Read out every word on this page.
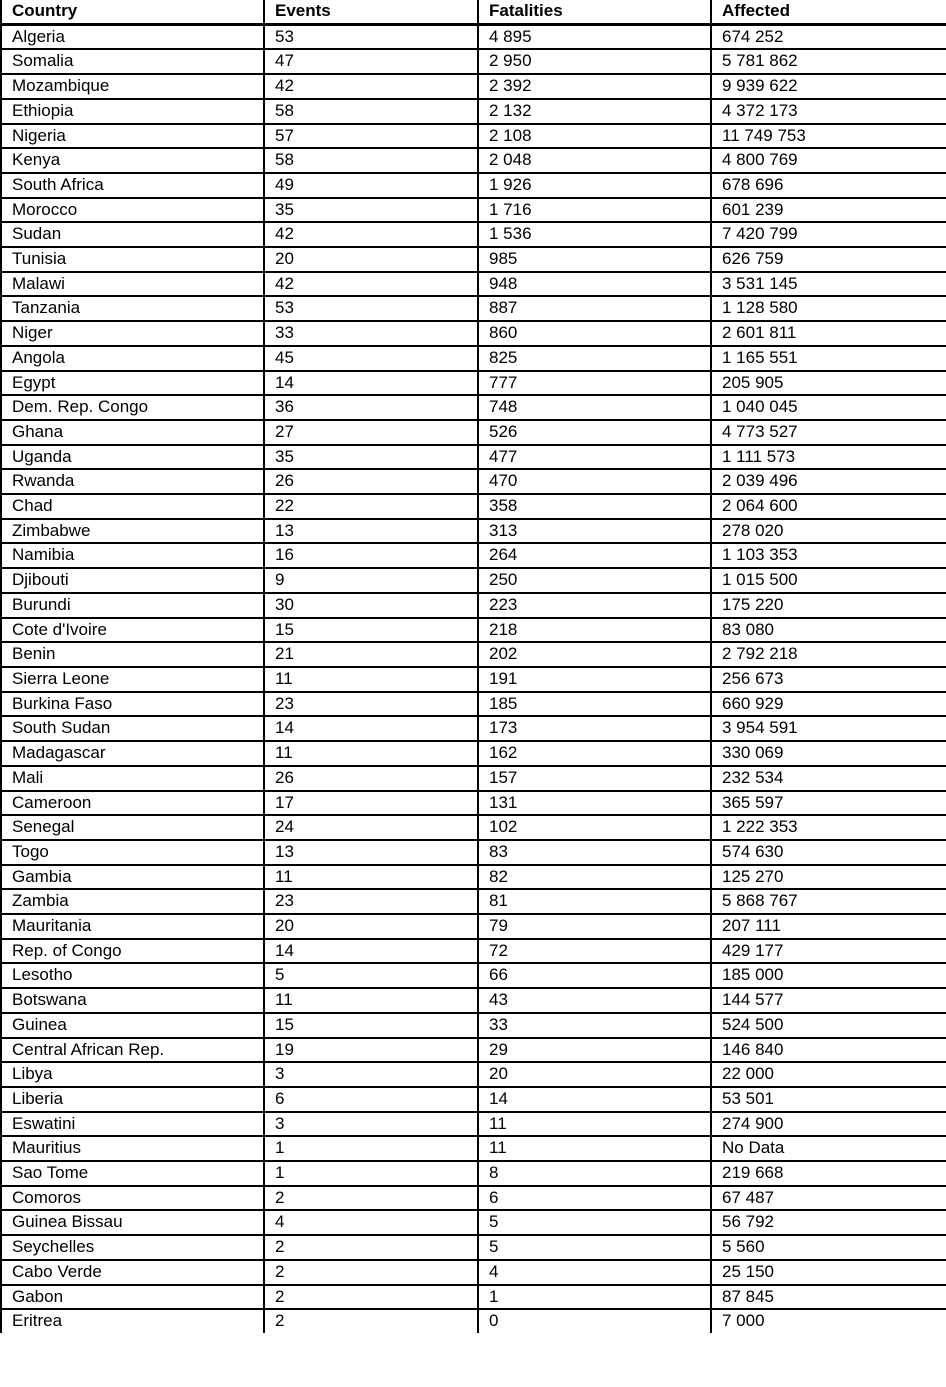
Country	Events	Fatalities	Affected
Algeria	53	4 895	674 252
Somalia	47	2 950	5 781 862
Mozambique	42	2 392	9 939 622
Ethiopia	58	2 132	4 372 173
Nigeria	57	2 108	11 749 753
Kenya	58	2 048	4 800 769
South Africa	49	1 926	678 696
Morocco	35	1 716	601 239
Sudan	42	1 536	7 420 799
Tunisia	20	985	626 759
Malawi	42	948	3 531 145
Tanzania	53	887	1 128 580
Niger	33	860	2 601 811
Angola	45	825	1 165 551
Egypt	14	777	205 905
Dem. Rep. Congo	36	748	1 040 045
Ghana	27	526	4 773 527
Uganda	35	477	1 111 573
Rwanda	26	470	2 039 496
Chad	22	358	2 064 600
Zimbabwe	13	313	278 020
Namibia	16	264	1 103 353
Djibouti	9	250	1 015 500
Burundi	30	223	175 220
Cote d'Ivoire	15	218	83 080
Benin	21	202	2 792 218
Sierra Leone	11	191	256 673
Burkina Faso	23	185	660 929
South Sudan	14	173	3 954 591
Madagascar	11	162	330 069
Mali	26	157	232 534
Cameroon	17	131	365 597
Senegal	24	102	1 222 353
Togo	13	83	574 630
Gambia	11	82	125 270
Zambia	23	81	5 868 767
Mauritania	20	79	207 111
Rep. of Congo	14	72	429 177
Lesotho	5	66	185 000
Botswana	11	43	144 577
Guinea	15	33	524 500
Central African Rep.	19	29	146 840
Libya	3	20	22 000
Liberia	6	14	53 501
Eswatini	3	11	274 900
Mauritius	1	11	No Data
Sao Tome	1	8	219 668
Comoros	2	6	67 487
Guinea Bissau	4	5	56 792
Seychelles	2	5	5 560
Cabo Verde	2	4	25 150
Gabon	2	1	87 845
Eritrea	2	0	7 000
